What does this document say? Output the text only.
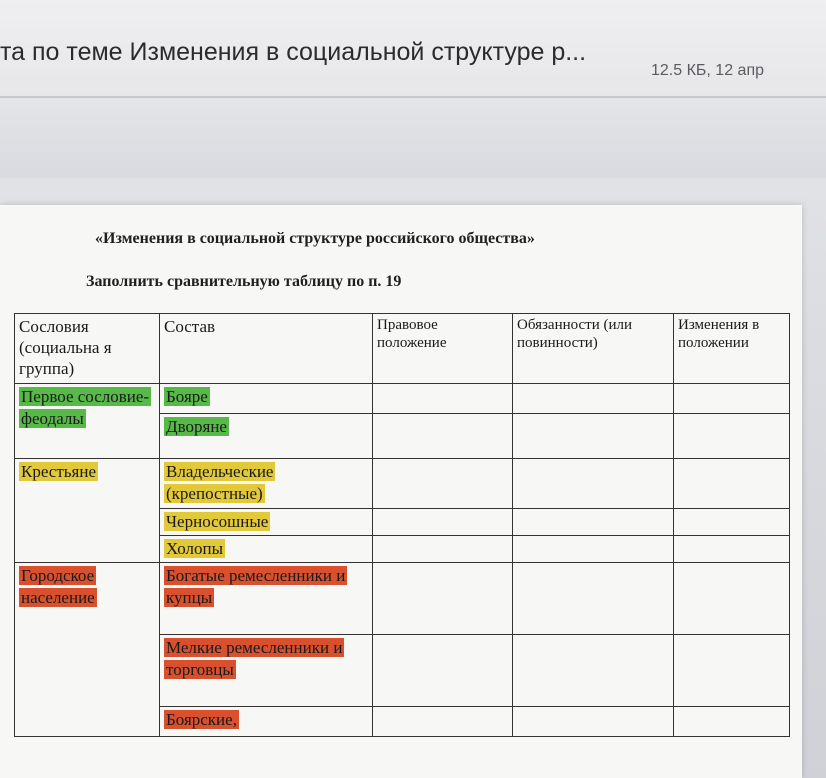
та по теме Изменения в социальной структуре р...
12.5 КБ, 12 апр
«Изменения в социальной структуре российского общества»
Заполнить сравнительную таблицу по п. 19
Сословия (социальна я группа)	Состав	Правовое положение	Обязанности (или повинности)	Изменения в положении
Первое сословие-феодалы	Бояре			
	Дворяне			
Крестьяне	Владельческие (крепостные)			
	Черносошные			
	Холопы			
Городское население	Богатые ремесленники и купцы			
	Мелкие ремесленники и торговцы			
	Боярские,			
